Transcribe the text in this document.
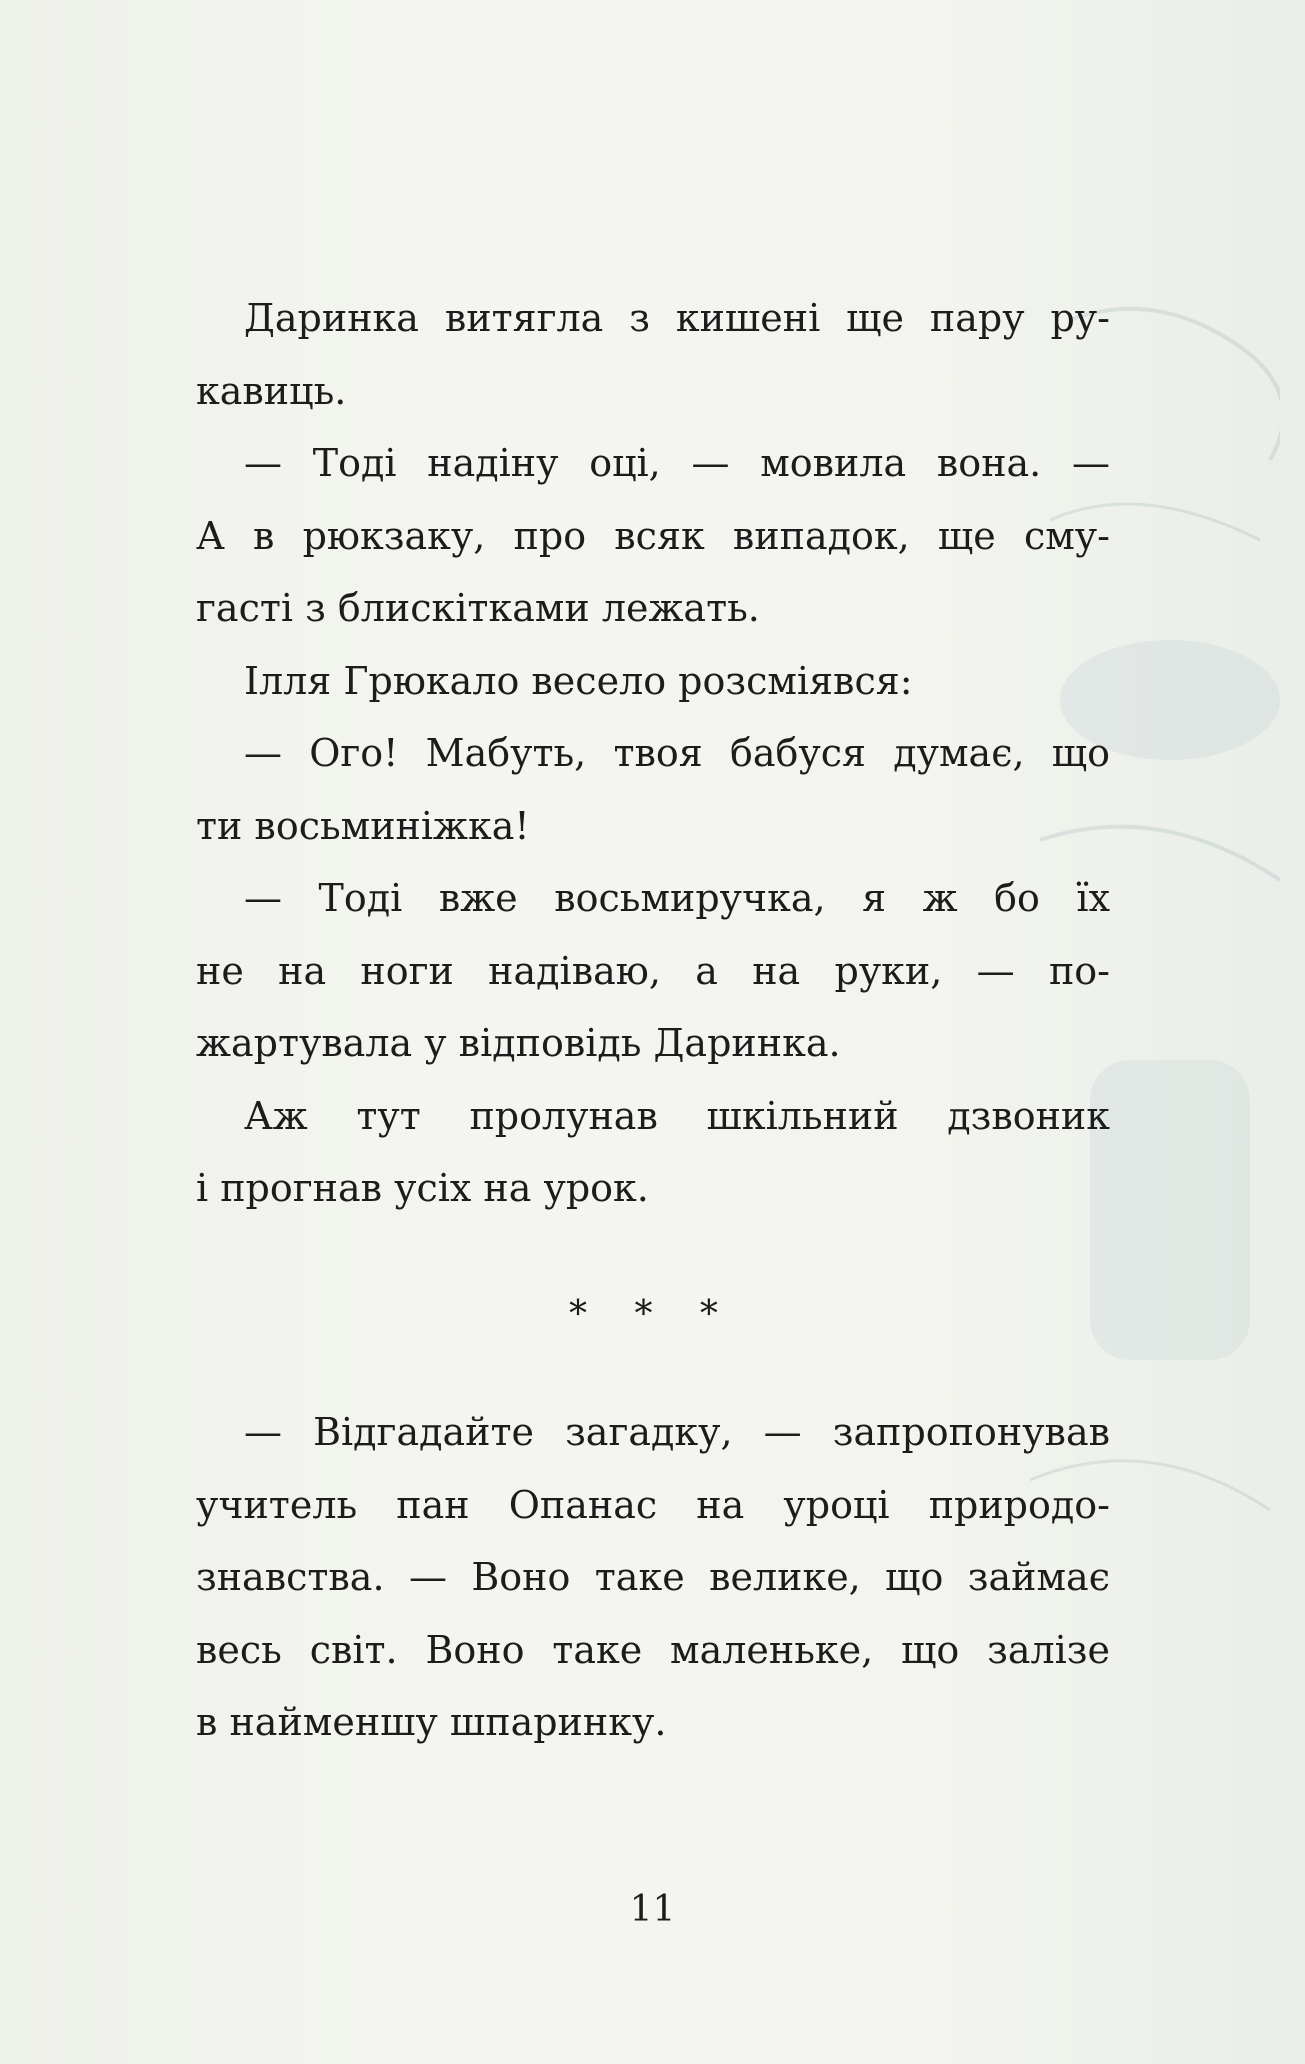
Даринка витягла з кишені ще пару ру-
кавиць.
— Тоді надіну оці, — мовила вона. —
А в рюкзаку, про всяк випадок, ще сму-
гасті з блискітками лежать.
Ілля Грюкало весело розсміявся:
— Ого! Мабуть, твоя бабуся думає, що
ти восьминіжка!
— Тоді вже восьмиручка, я ж бо їх
не на ноги надіваю, а на руки, — по-
жартувала у відповідь Даринка.
Аж тут пролунав шкільний дзвоник
і прогнав усіх на урок.
* * *
— Відгадайте загадку, — запропонував
учитель пан Опанас на уроці природо-
знавства. — Воно таке велике, що займає
весь світ. Воно таке маленьке, що залізе
в найменшу шпаринку.
11
